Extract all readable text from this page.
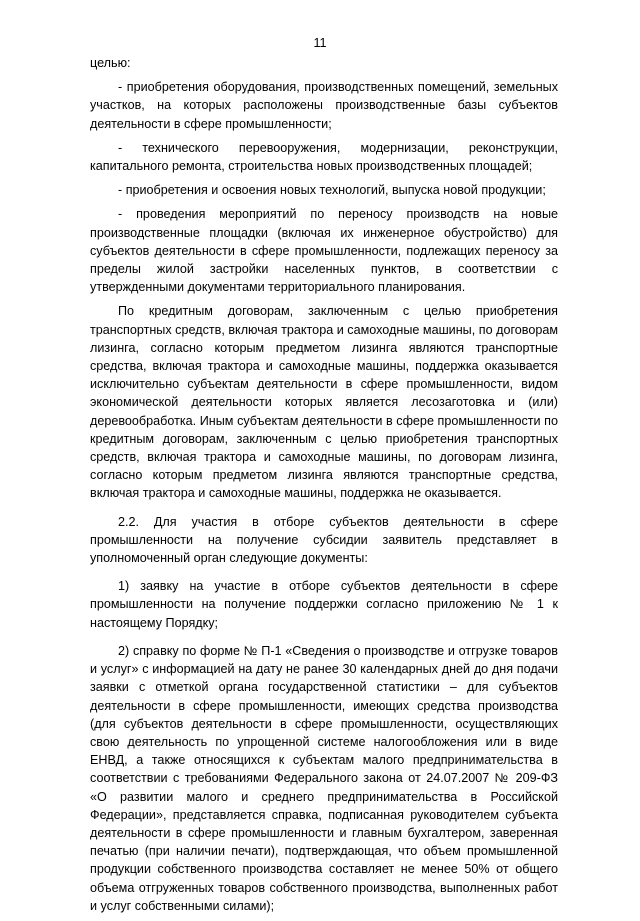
11

целью:

- приобретения оборудования, производственных помещений, земельных участков, на которых расположены производственные базы субъектов деятельности в сфере промышленности;

- технического перевооружения, модернизации, реконструкции, капитального ремонта, строительства новых производственных площадей;

- приобретения и освоения новых технологий, выпуска новой продукции;

- проведения мероприятий по переносу производств на новые производственные площадки (включая их инженерное обустройство) для субъектов деятельности в сфере промышленности, подлежащих переносу за пределы жилой застройки населенных пунктов, в соответствии с утвержденными документами территориального планирования.

По кредитным договорам, заключенным с целью приобретения транспортных средств, включая трактора и самоходные машины, по договорам лизинга, согласно которым предметом лизинга являются транспортные средства, включая трактора и самоходные машины, поддержка оказывается исключительно субъектам деятельности в сфере промышленности, видом экономической деятельности которых является лесозаготовка и (или) деревообработка. Иным субъектам деятельности в сфере промышленности по кредитным договорам, заключенным с целью приобретения транспортных средств, включая трактора и самоходные машины, по договорам лизинга, согласно которым предметом лизинга являются транспортные средства, включая трактора и самоходные машины, поддержка не оказывается.

2.2. Для участия в отборе субъектов деятельности в сфере промышленности на получение субсидии заявитель представляет в уполномоченный орган следующие документы:

1) заявку на участие в отборе субъектов деятельности в сфере промышленности на получение поддержки согласно приложению № 1 к настоящему Порядку;

2) справку по форме № П-1 «Сведения о производстве и отгрузке товаров и услуг» с информацией на дату не ранее 30 календарных дней до дня подачи заявки с отметкой органа государственной статистики – для субъектов деятельности в сфере промышленности, имеющих средства производства (для субъектов деятельности в сфере промышленности, осуществляющих свою деятельность по упрощенной системе налогообложения или в виде ЕНВД, а также относящихся к субъектам малого предпринимательства в соответствии с требованиями Федерального закона от 24.07.2007 № 209-ФЗ «О развитии малого и среднего предпринимательства в Российской Федерации», представляется справка, подписанная руководителем субъекта деятельности в сфере промышленности и главным бухгалтером, заверенная печатью (при наличии печати), подтверждающая, что объем промышленной продукции собственного производства составляет не менее 50% от общего объема отгруженных товаров собственного производства, выполненных работ и услуг собственными силами);
